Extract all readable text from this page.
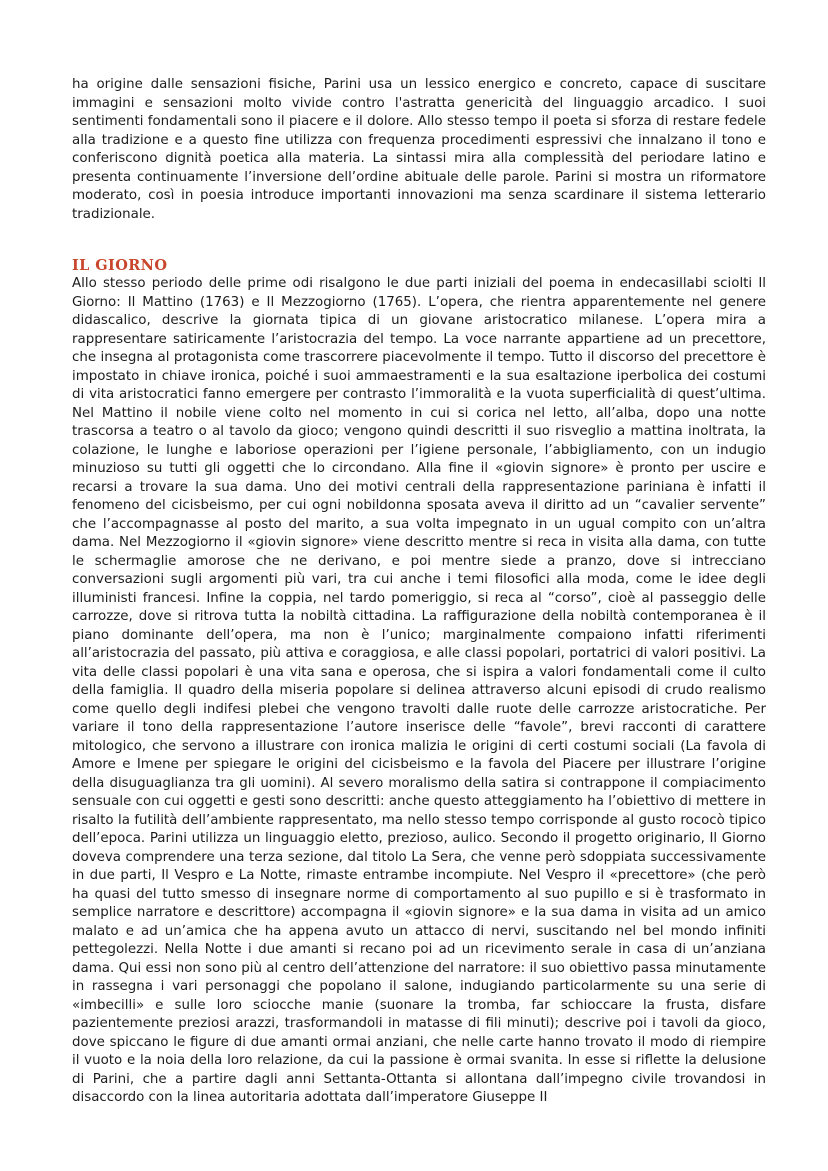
ha origine dalle sensazioni fisiche, Parini usa un lessico energico e concreto, capace di suscitare immagini e sensazioni molto vivide contro l'astratta genericità del linguaggio arcadico. I suoi sentimenti fondamentali sono il piacere e il dolore. Allo stesso tempo il poeta si sforza di restare fedele alla tradizione e a questo fine utilizza con frequenza procedimenti espressivi che innalzano il tono e conferiscono dignità poetica alla materia. La sintassi mira alla complessità del periodare latino e presenta continuamente l’inversione dell’ordine abituale delle parole. Parini si mostra un riformatore moderato, così in poesia introduce importanti innovazioni ma senza scardinare il sistema letterario tradizionale.

IL GIORNO

Allo stesso periodo delle prime odi risalgono le due parti iniziali del poema in endecasillabi sciolti Il Giorno: Il Mattino (1763) e Il Mezzogiorno (1765). L’opera, che rientra apparentemente nel genere didascalico, descrive la giornata tipica di un giovane aristocratico milanese. L’opera mira a rappresentare satiricamente l’aristocrazia del tempo. La voce narrante appartiene ad un precettore, che insegna al protagonista come trascorrere piacevolmente il tempo. Tutto il discorso del precettore è impostato in chiave ironica, poiché i suoi ammaestramenti e la sua esaltazione iperbolica dei costumi di vita aristocratici fanno emergere per contrasto l’immoralità e la vuota superficialità di quest’ultima. Nel Mattino il nobile viene colto nel momento in cui si corica nel letto, all’alba, dopo una notte trascorsa a teatro o al tavolo da gioco; vengono quindi descritti il suo risveglio a mattina inoltrata, la colazione, le lunghe e laboriose operazioni per l’igiene personale, l’abbigliamento, con un indugio minuzioso su tutti gli oggetti che lo circondano. Alla fine il «giovin signore» è pronto per uscire e recarsi a trovare la sua dama. Uno dei motivi centrali della rappresentazione pariniana è infatti il fenomeno del cicisbeismo, per cui ogni nobildonna sposata aveva il diritto ad un “cavalier servente” che l’accompagnasse al posto del marito, a sua volta impegnato in un ugual compito con un’altra dama. Nel Mezzogiorno il «giovin signore» viene descritto mentre si reca in visita alla dama, con tutte le schermaglie amorose che ne derivano, e poi mentre siede a pranzo, dove si intrecciano conversazioni sugli argomenti più vari, tra cui anche i temi filosofici alla moda, come le idee degli illuministi francesi. Infine la coppia, nel tardo pomeriggio, si reca al “corso”, cioè al passeggio delle carrozze, dove si ritrova tutta la nobiltà cittadina. La raffigurazione della nobiltà contemporanea è il piano dominante dell’opera, ma non è l’unico; marginalmente compaiono infatti riferimenti all’aristocrazia del passato, più attiva e coraggiosa, e alle classi popolari, portatrici di valori positivi. La vita delle classi popolari è una vita sana e operosa, che si ispira a valori fondamentali come il culto della famiglia. Il quadro della miseria popolare si delinea attraverso alcuni episodi di crudo realismo come quello degli indifesi plebei che vengono travolti dalle ruote delle carrozze aristocratiche. Per variare il tono della rappresentazione l’autore inserisce delle “favole”, brevi racconti di carattere mitologico, che servono a illustrare con ironica malizia le origini di certi costumi sociali (La favola di Amore e Imene per spiegare le origini del cicisbeismo e la favola del Piacere per illustrare l’origine della disuguaglianza tra gli uomini). Al severo moralismo della satira si contrappone il compiacimento sensuale con cui oggetti e gesti sono descritti: anche questo atteggiamento ha l’obiettivo di mettere in risalto la futilità dell’ambiente rappresentato, ma nello stesso tempo corrisponde al gusto rococò tipico dell’epoca. Parini utilizza un linguaggio eletto, prezioso, aulico. Secondo il progetto originario, Il Giorno doveva comprendere una terza sezione, dal titolo La Sera, che venne però sdoppiata successivamente in due parti, Il Vespro e La Notte, rimaste entrambe incompiute. Nel Vespro il «precettore» (che però ha quasi del tutto smesso di insegnare norme di comportamento al suo pupillo e si è trasformato in semplice narratore e descrittore) accompagna il «giovin signore» e la sua dama in visita ad un amico malato e ad un’amica che ha appena avuto un attacco di nervi, suscitando nel bel mondo infiniti pettegolezzi. Nella Notte i due amanti si recano poi ad un ricevimento serale in casa di un’anziana dama. Qui essi non sono più al centro dell’attenzione del narratore: il suo obiettivo passa minutamente in rassegna i vari personaggi che popolano il salone, indugiando particolarmente su una serie di «imbecilli» e sulle loro sciocche manie (suonare la tromba, far schioccare la frusta, disfare pazientemente preziosi arazzi, trasformandoli in matasse di fili minuti); descrive poi i tavoli da gioco, dove spiccano le figure di due amanti ormai anziani, che nelle carte hanno trovato il modo di riempire il vuoto e la noia della loro relazione, da cui la passione è ormai svanita. In esse si riflette la delusione di Parini, che a partire dagli anni Settanta-Ottanta si allontana dall’impegno civile trovandosi in disaccordo con la linea autoritaria adottata dall’imperatore Giuseppe II
